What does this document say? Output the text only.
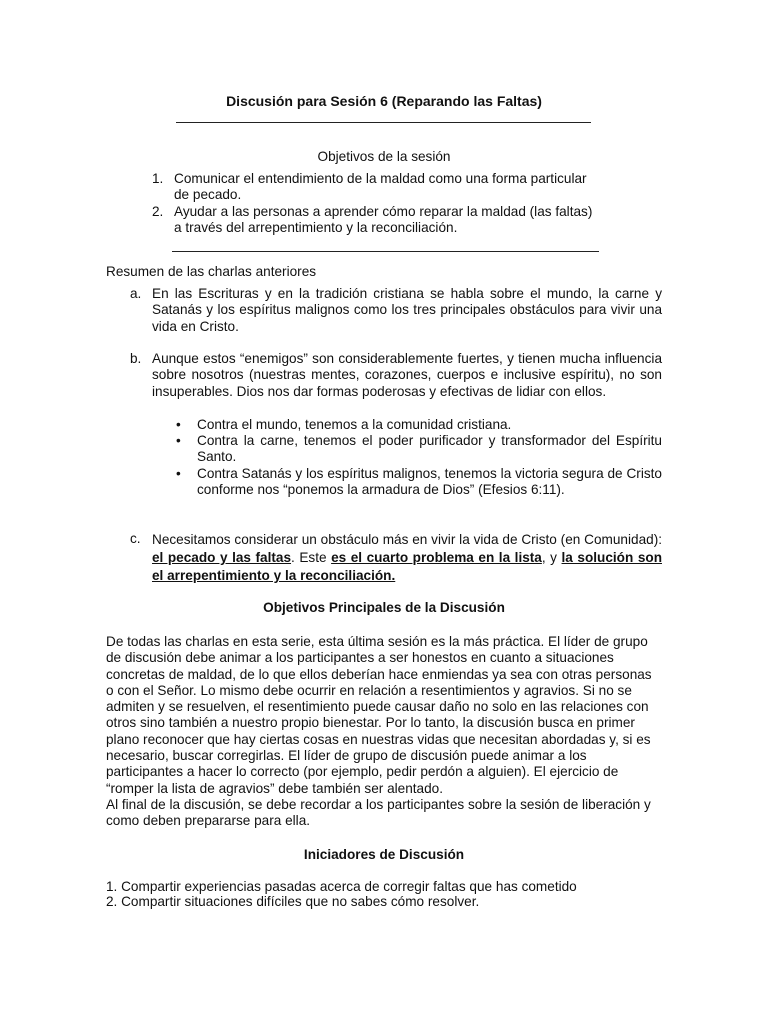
Discusión para Sesión 6 (Reparando las Faltas)
Objetivos de la sesión
1. Comunicar el entendimiento de la maldad como una forma particular de pecado.
2. Ayudar a las personas a aprender cómo reparar la maldad (las faltas) a través del arrepentimiento y la reconciliación.
Resumen de las charlas anteriores
a. En las Escrituras y en la tradición cristiana se habla sobre el mundo, la carne y Satanás y los espíritus malignos como los tres principales obstáculos para vivir una vida en Cristo.
b. Aunque estos “enemigos” son considerablemente fuertes, y tienen mucha influencia sobre nosotros (nuestras mentes, corazones, cuerpos e inclusive espíritu), no son insuperables. Dios nos dar formas poderosas y efectivas de lidiar con ellos.
• Contra el mundo, tenemos a la comunidad cristiana.
• Contra la carne, tenemos el poder purificador y transformador del Espíritu Santo.
• Contra Satanás y los espíritus malignos, tenemos la victoria segura de Cristo conforme nos “ponemos la armadura de Dios” (Efesios 6:11).
c. Necesitamos considerar un obstáculo más en vivir la vida de Cristo (en Comunidad): el pecado y las faltas. Este es el cuarto problema en la lista, y la solución son el arrepentimiento y la reconciliación.
Objetivos Principales de la Discusión
De todas las charlas en esta serie, esta última sesión es la más práctica. El líder de grupo de discusión debe animar a los participantes a ser honestos en cuanto a situaciones concretas de maldad, de lo que ellos deberían hace enmiendas ya sea con otras personas o con el Señor. Lo mismo debe ocurrir en relación a resentimientos y agravios. Si no se admiten y se resuelven, el resentimiento puede causar daño no solo en las relaciones con otros sino también a nuestro propio bienestar. Por lo tanto, la discusión busca en primer plano reconocer que hay ciertas cosas en nuestras vidas que necesitan abordadas y, si es necesario, buscar corregirlas. El líder de grupo de discusión puede animar a los participantes a hacer lo correcto (por ejemplo, pedir perdón a alguien). El ejercicio de “romper la lista de agravios” debe también ser alentado.
Al final de la discusión, se debe recordar a los participantes sobre la sesión de liberación y como deben prepararse para ella.
Iniciadores de Discusión
1. Compartir experiencias pasadas acerca de corregir faltas que has cometido
2. Compartir situaciones difíciles que no sabes cómo resolver.
